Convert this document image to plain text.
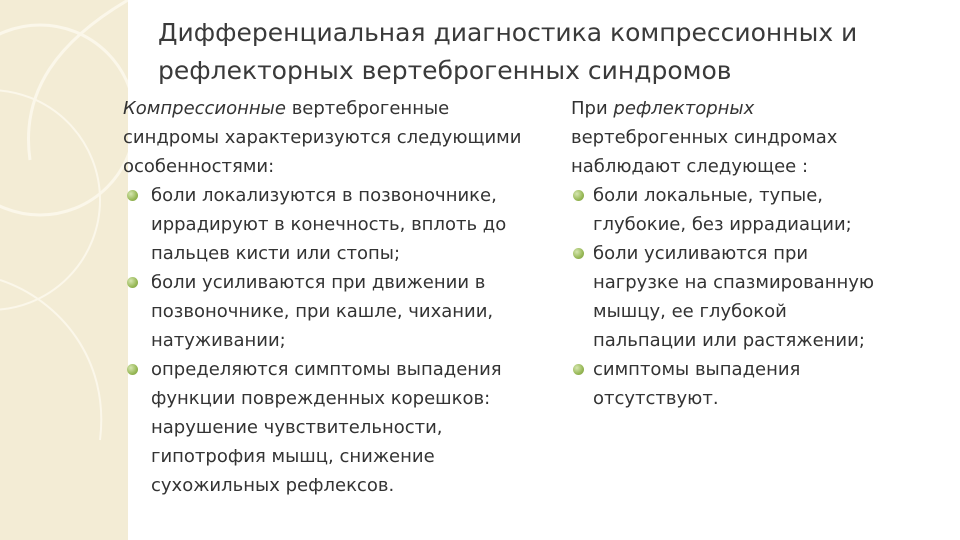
Дифференциальная диагностика компрессионных и
рефлекторных вертеброгенных синдромов
Компрессионные вертеброгенные
синдромы характеризуются следующими
особенностями:
боли локализуются в позвоночнике,
иррадируют в конечность, вплоть до
пальцев кисти или стопы;
боли усиливаются при движении в
позвоночнике, при кашле, чихании,
натуживании;
определяются симптомы выпадения
функции поврежденных корешков:
нарушение чувствительности,
гипотрофия мышц, снижение
сухожильных рефлексов.
При рефлекторных
вертеброгенных синдромах
наблюдают следующее :
боли локальные, тупые,
глубокие, без иррадиации;
боли усиливаются при
нагрузке на спазмированную
мышцу, ее глубокой
пальпации или растяжении;
симптомы выпадения
отсутствуют.
